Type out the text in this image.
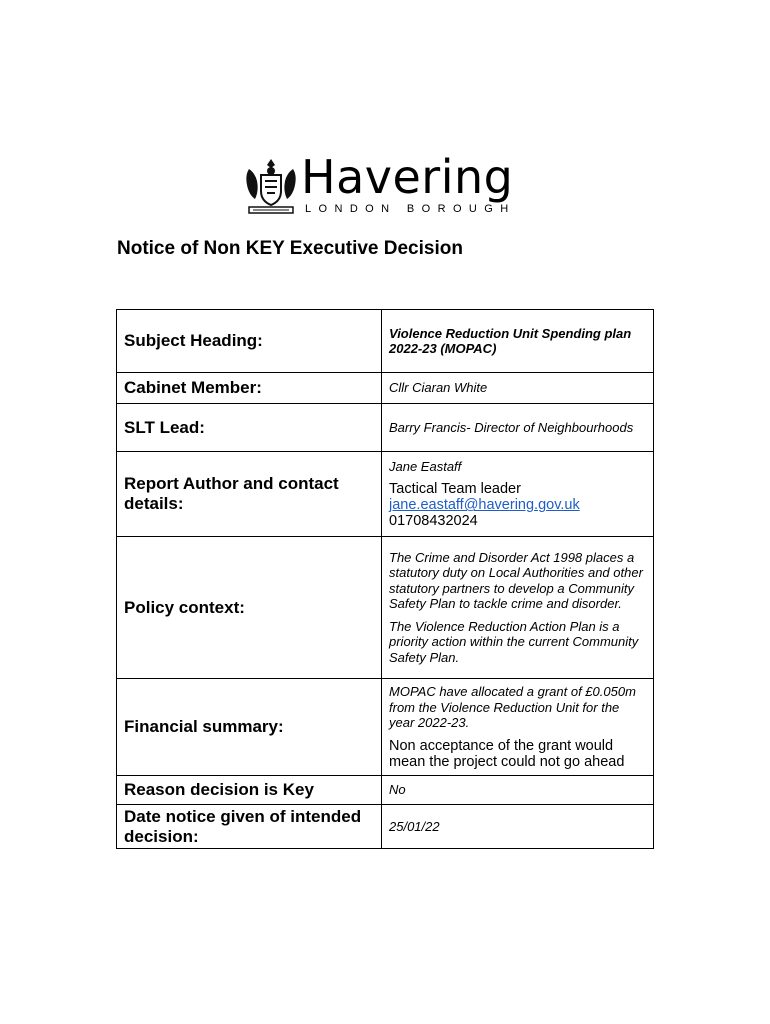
Havering
LONDON BOROUGH
Notice of Non KEY Executive Decision
Subject Heading:	Violence Reduction Unit Spending plan 2022-23 (MOPAC)
Cabinet Member:	Cllr Ciaran White
SLT Lead:	Barry Francis- Director of Neighbourhoods
Report Author and contact details:	Jane Eastaff

Tactical Team leader

jane.eastaff@havering.gov.uk

01708432024

Policy context:	The Crime and Disorder Act 1998 places a statutory duty on Local Authorities and other statutory partners to develop a Community Safety Plan to tackle crime and disorder.

The Violence Reduction Action Plan is a priority action within the current Community Safety Plan.

Financial summary:	MOPAC have allocated a grant of £0.050m from the Violence Reduction Unit for the year 2022-23.

Non acceptance of the grant would mean the project could not go ahead

Reason decision is Key	No
Date notice given of intended decision:	25/01/22
